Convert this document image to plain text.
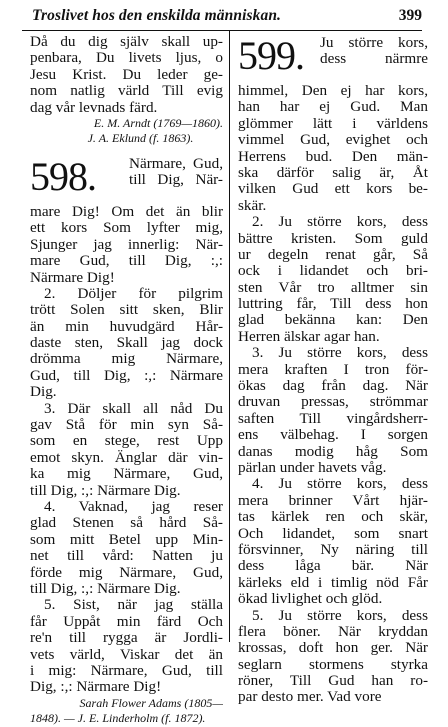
Troslivet hos den enskilda människan.	399
Då du dig själv skall up-
penbara, Du livets ljus, o
Jesu Krist. Du leder ge-
nom natlig värld Till evig
dag vår levnads färd.
E. M. Arndt (1769—1860).
J. A. Eklund (f. 1863).
598. Närmare, Gud,
till Dig, När-
mare Dig! Om det än blir
ett kors Som lyfter mig,
Sjunger jag innerlig: När-
mare Gud, till Dig, :,:
Närmare Dig!
2. Döljer för pilgrim
trött Solen sitt sken, Blir
än min huvudgärd Hår-
daste sten, Skall jag dock
drömma mig Närmare,
Gud, till Dig, :,: Närmare
Dig.
3. Där skall all nåd Du
gav Stå för min syn Så-
som en stege, rest Upp
emot skyn. Änglar där vin-
ka mig Närmare, Gud,
till Dig, :,: Närmare Dig.
4. Vaknad, jag reser
glad Stenen så hård Så-
som mitt Betel upp Min-
net till vård: Natten ju
förde mig Närmare, Gud,
till Dig, :,: Närmare Dig.
5. Sist, när jag ställa
får Uppåt min färd Och
re'n till rygga är Jordli-
vets värld, Viskar det än
i mig: Närmare, Gud, till
Dig, :,: Närmare Dig!
Sarah Flower Adams (1805—
1848). — J. E. Linderholm (f. 1872).
599. Ju större kors,
dess närmre
himmel, Den ej har kors,
han har ej Gud. Man
glömmer lätt i världens
vimmel Gud, evighet och
Herrens bud. Den män-
ska därför salig är, Åt
vilken Gud ett kors be-
skär.
2. Ju större kors, dess
bättre kristen. Som guld
ur degeln renat går, Så
ock i lidandet och bri-
sten Vår tro alltmer sin
luttring får, Till dess hon
glad bekänna kan: Den
Herren älskar agar han.
3. Ju större kors, dess
mera kraften I tron för-
ökas dag från dag. När
druvan pressas, strömmar
saften Till vingårdsherr-
ens välbehag. I sorgen
danas modig håg Som
pärlan under havets våg.
4. Ju större kors, dess
mera brinner Vårt hjär-
tas kärlek ren och skär,
Och lidandet, som snart
försvinner, Ny näring till
dess låga bär. När
kärleks eld i timlig nöd Får
ökad livlighet och glöd.
5. Ju större kors, dess
flera böner. När kryddan
krossas, doft hon ger. När
seglarn stormens styrka
röner, Till Gud han ro-
par desto mer. Vad vore
